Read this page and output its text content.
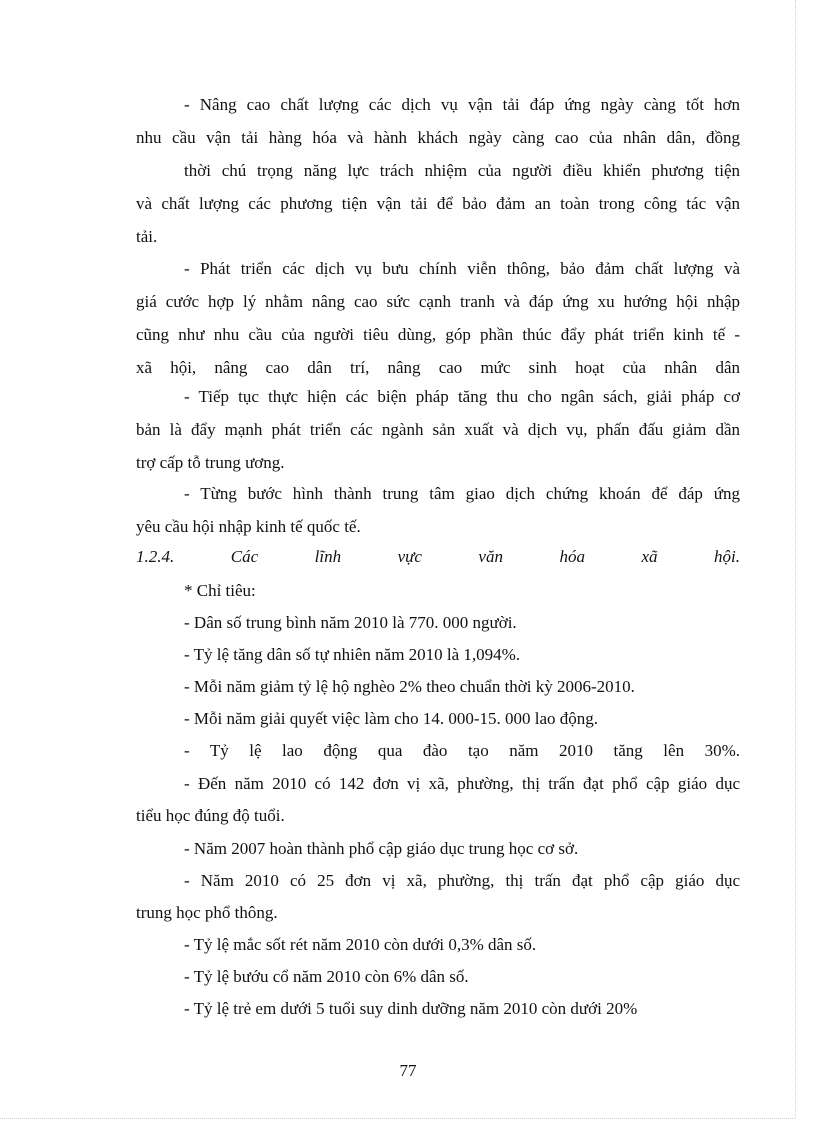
- Nâng cao chất lượng các dịch vụ vận tải đáp ứng ngày càng tốt hơn
nhu cầu vận tải hàng hóa và hành khách ngày càng cao của nhân dân, đồng
thời chú trọng năng lực trách nhiệm của người điều khiển phương tiện
và chất lượng các phương tiện vận tải để bảo đảm an toàn trong công tác vận
tải.
- Phát triển các dịch vụ bưu chính viễn thông, bảo đảm chất lượng và
giá cước hợp lý nhằm nâng cao sức cạnh tranh và đáp ứng xu hướng hội nhập
cũng như nhu cầu của người tiêu dùng, góp phần thúc đẩy phát triển kinh tế -
xã hội, nâng cao dân trí, nâng cao mức sinh hoạt của nhân dân
- Tiếp tục thực hiện các biện pháp tăng thu cho ngân sách, giải pháp cơ
bản là đẩy mạnh phát triển các ngành sản xuất và dịch vụ, phấn đấu giảm dần
trợ cấp tỗ trung ương.
- Từng bước hình thành trung tâm giao dịch chứng khoán để đáp ứng
yêu cầu hội nhập kinh tế quốc tế.
1.2.4. Các lĩnh vực văn hóa xã hội.
* Chỉ tiêu:
- Dân số trung bình năm 2010 là 770. 000 người.
- Tỷ lệ tăng dân số tự nhiên năm 2010 là 1,094%.
- Mỗi năm giảm tỷ lệ hộ nghèo 2% theo chuẩn thời kỳ 2006-2010.
- Mỗi năm giải quyết việc làm cho 14. 000-15. 000 lao động.
- Tỷ lệ lao động qua đào tạo năm 2010 tăng lên 30%.
- Đến năm 2010 có 142 đơn vị xã, phường, thị trấn đạt phổ cập giáo dục
tiểu học đúng độ tuổi.
- Năm 2007 hoàn thành phổ cập giáo dục trung học cơ sở.
- Năm 2010 có 25 đơn vị xã, phường, thị trấn đạt phổ cập giáo dục
trung học phổ thông.
- Tỷ lệ mắc sốt rét năm 2010 còn dưới 0,3% dân số.
- Tỷ lệ bướu cổ năm 2010 còn 6% dân số.
- Tỷ lệ trẻ em dưới 5 tuổi suy dinh dưỡng năm 2010 còn dưới 20%
77
